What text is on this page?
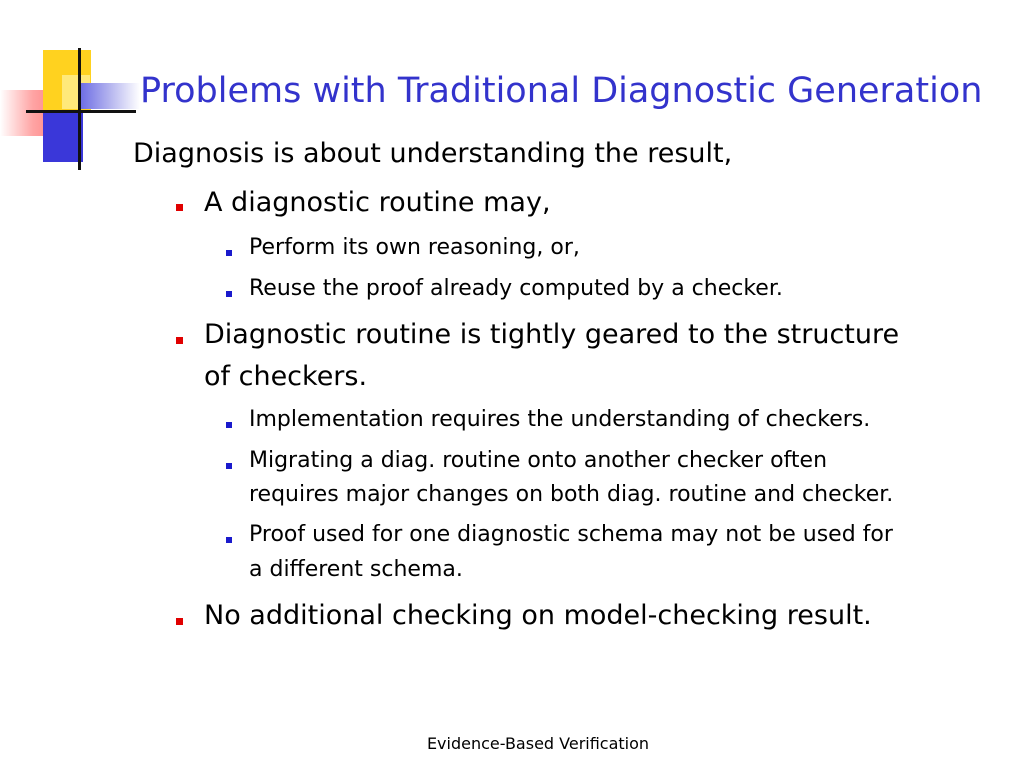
Problems with Traditional Diagnostic Generation
Diagnosis is about understanding the result,
A diagnostic routine may,
Perform its own reasoning, or,
Reuse the proof already computed by a checker.
Diagnostic routine is tightly geared to the structure
of checkers.
Implementation requires the understanding of checkers.
Migrating a diag. routine onto another checker often
requires major changes on both diag. routine and checker.
Proof used for one diagnostic schema may not be used for
a different schema.
No additional checking on model-checking result.
Evidence-Based Verification
